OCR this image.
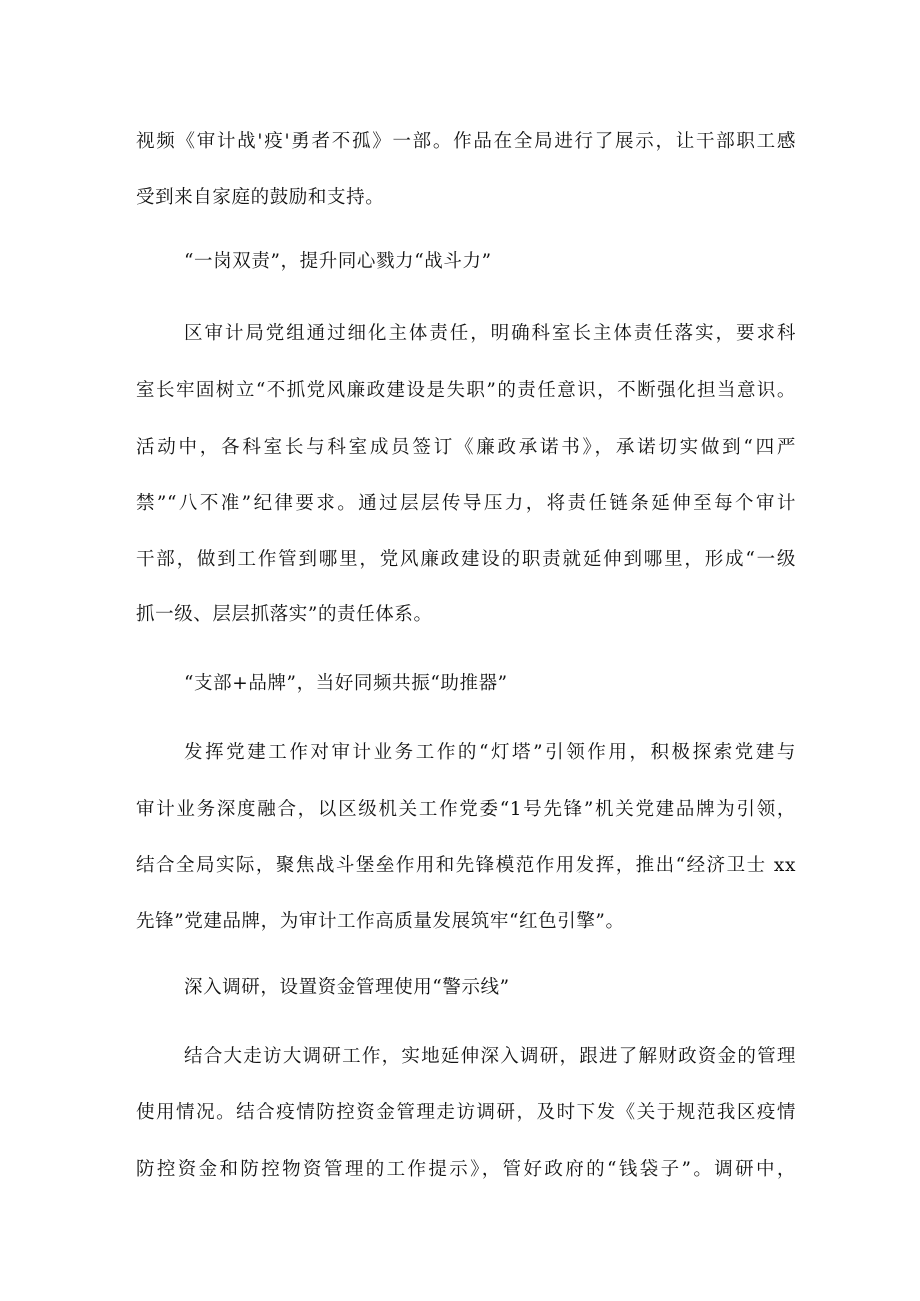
视频《审计战'疫'勇者不孤》一部。作品在全局进行了展示，让干部职工感
受到来自家庭的鼓励和支持。
“一岗双责”，提升同心戮力“战斗力”
区审计局党组通过细化主体责任，明确科室长主体责任落实，要求科
室长牢固树立“不抓党风廉政建设是失职”的责任意识，不断强化担当意识。
活动中，各科室长与科室成员签订《廉政承诺书》，承诺切实做到“四严
禁”“八不准”纪律要求。通过层层传导压力，将责任链条延伸至每个审计
干部，做到工作管到哪里，党风廉政建设的职责就延伸到哪里，形成“一级
抓一级、层层抓落实”的责任体系。
“支部+品牌”，当好同频共振“助推器”
发挥党建工作对审计业务工作的“灯塔”引领作用，积极探索党建与
审计业务深度融合，以区级机关工作党委“1号先锋”机关党建品牌为引领，
结合全局实际，聚焦战斗堡垒作用和先锋模范作用发挥，推出“经济卫士 xx
先锋”党建品牌，为审计工作高质量发展筑牢“红色引擎”。
深入调研，设置资金管理使用“警示线”
结合大走访大调研工作，实地延伸深入调研，跟进了解财政资金的管理
使用情况。结合疫情防控资金管理走访调研，及时下发《关于规范我区疫情
防控资金和防控物资管理的工作提示》，管好政府的“钱袋子”。调研中，
